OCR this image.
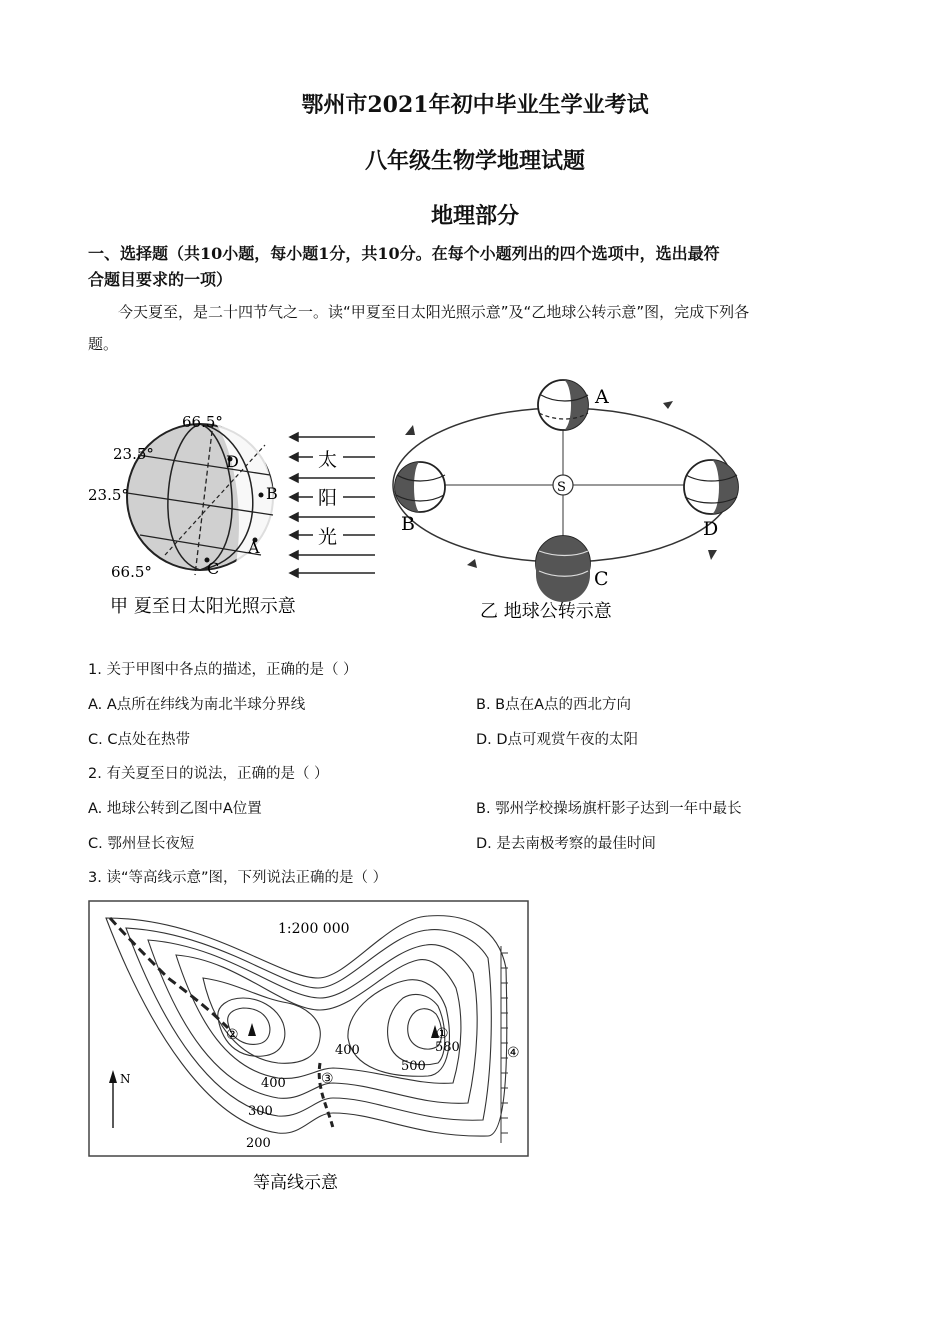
鄂州市2021年初中毕业生学业考试
八年级生物学地理试题
地理部分
一、选择题（共10小题，每小题1分，共10分。在每个小题列出的四个选项中，选出最符
合题目要求的一项）
今天夏至，是二十四节气之一。读“甲夏至日太阳光照示意”及“乙地球公转示意”图，完成下列各
题。
66.5°
23.5°
23.5°
66.5°
D
B
A
C
太
阳
光
甲 夏至日太阳光照示意
S
A
B
C
D
乙 地球公转示意
1. 关于甲图中各点的描述，正确的是（ ）
A. A点所在纬线为南北半球分界线	B. B点在A点的西北方向
C. C点处在热带	D. D点可观赏午夜的太阳
2. 有关夏至日的说法，正确的是（ ）
A. 地球公转到乙图中A位置	B. 鄂州学校操场旗杆影子达到一年中最长
C. 鄂州昼长夜短	D. 是去南极考察的最佳时间
3. 读“等高线示意”图，下列说法正确的是（ ）
1:200 000
N
400	580
500
400
300
200
①
②
③
④
等高线示意
